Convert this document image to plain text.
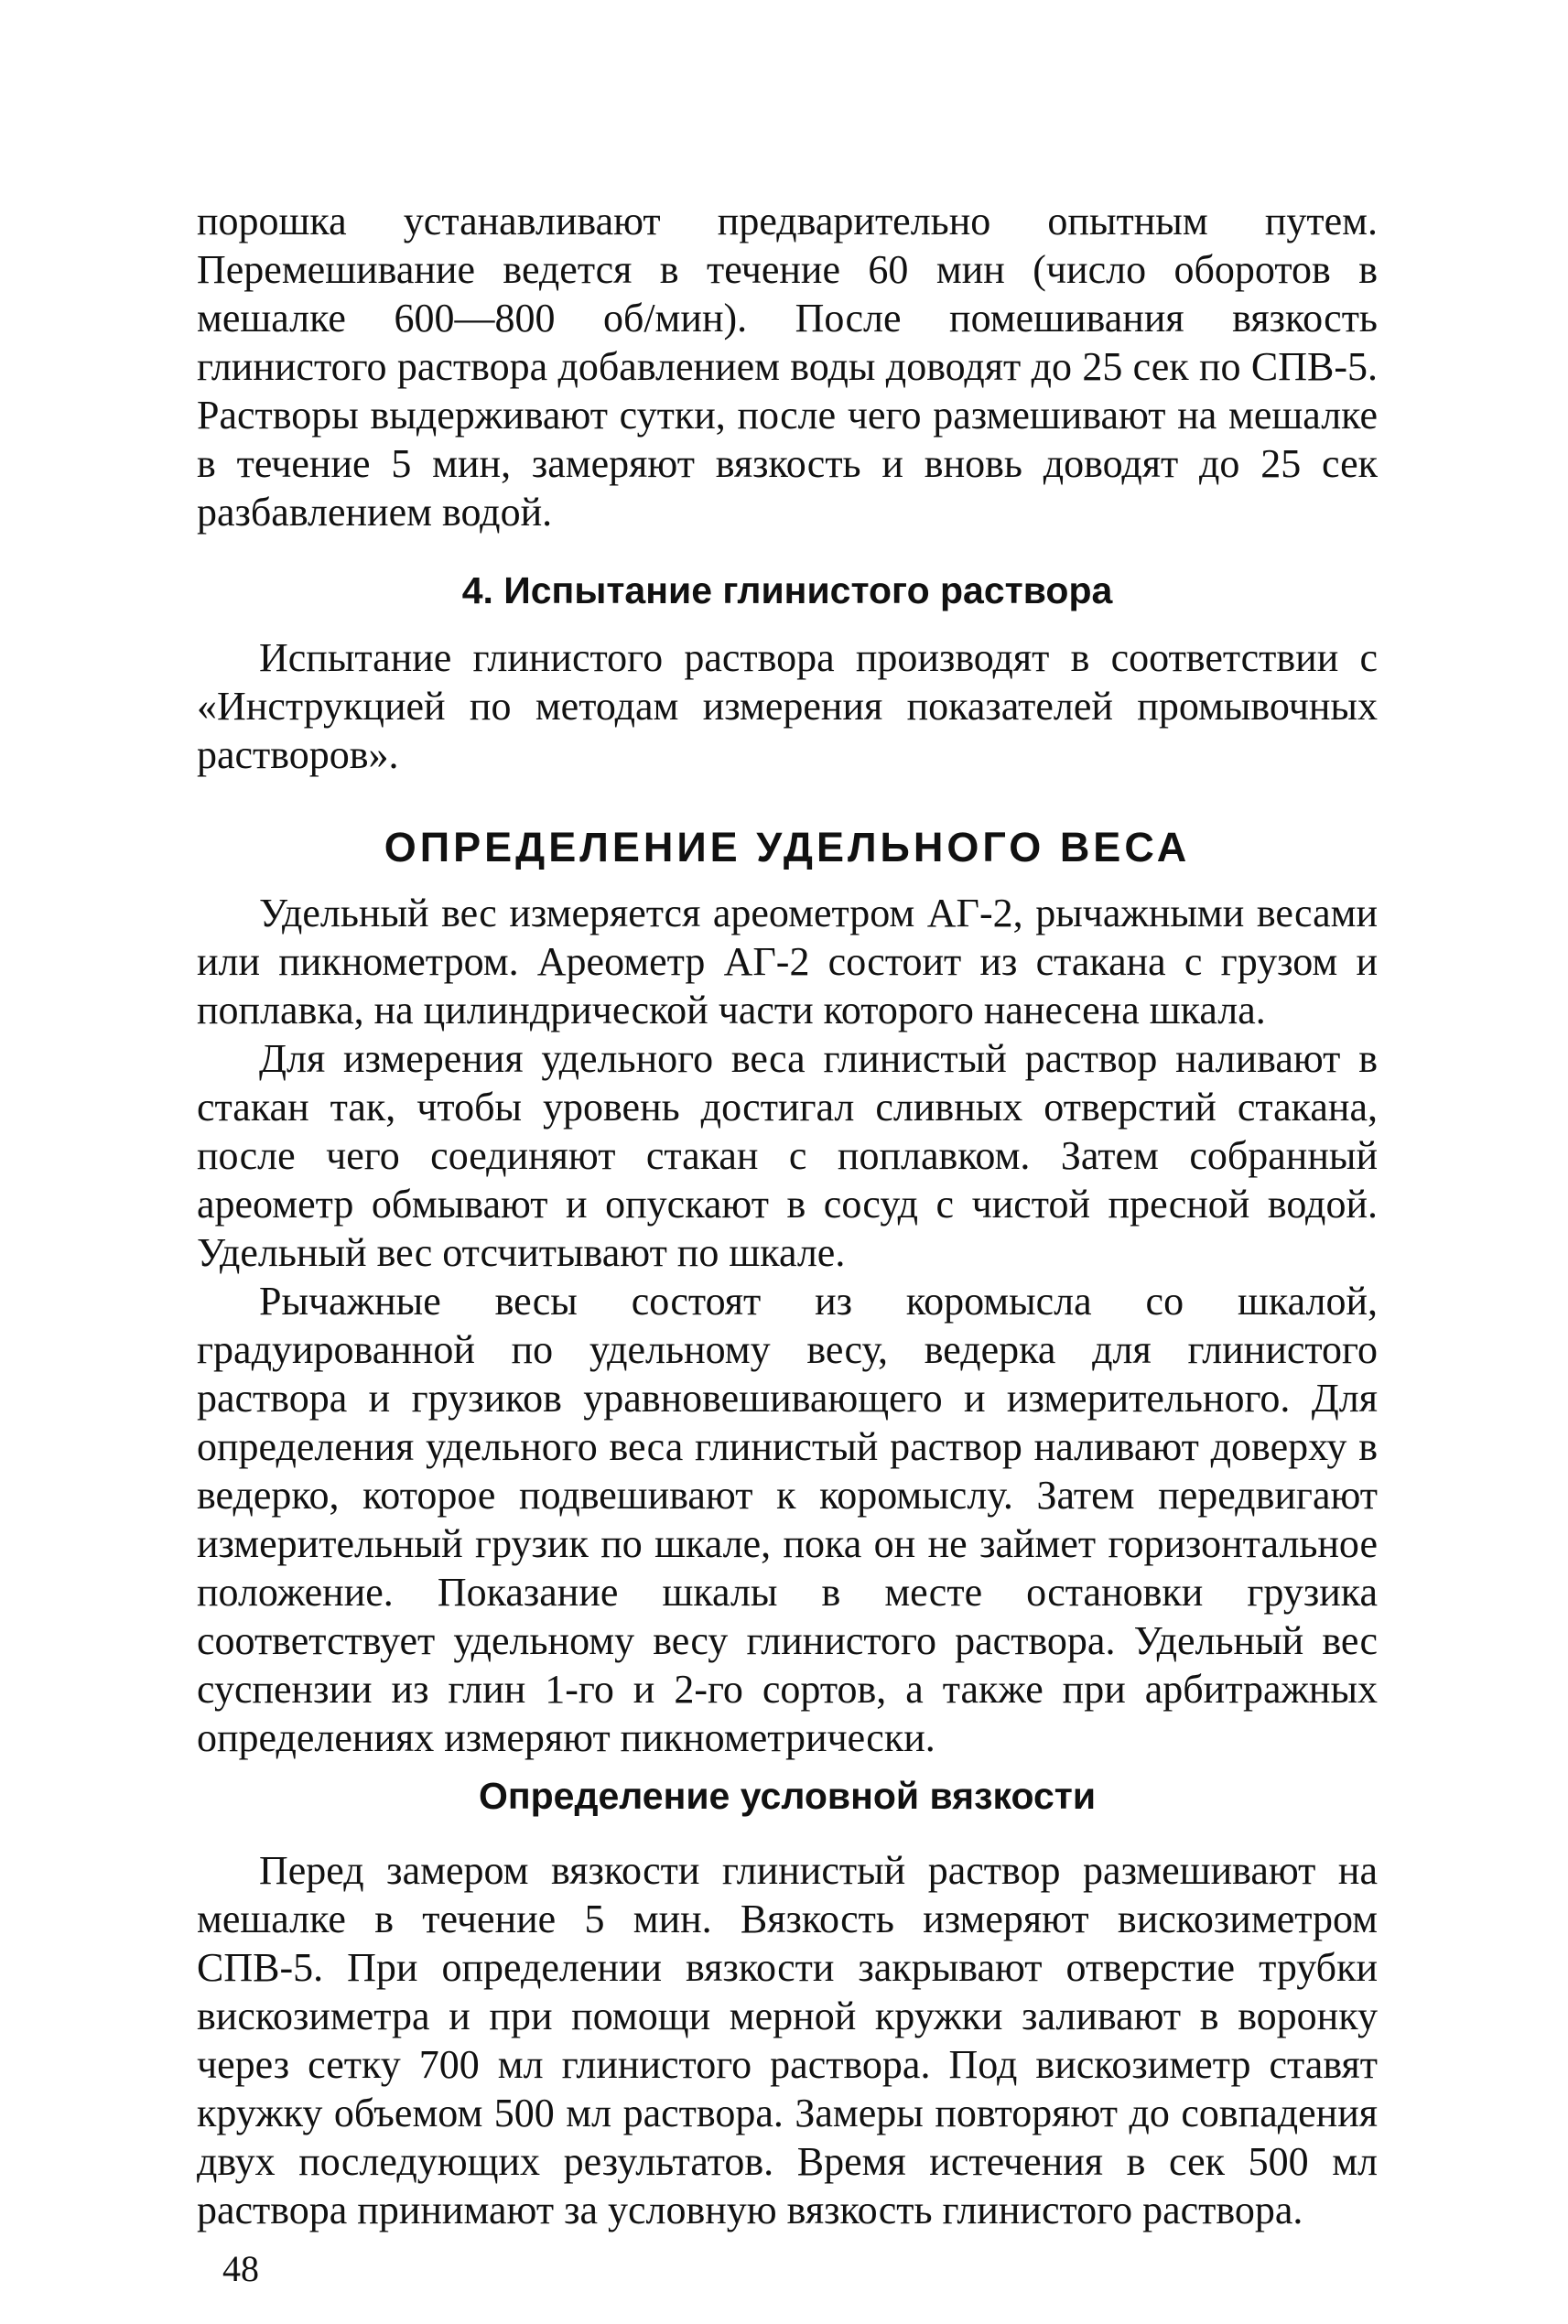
порошка устанавливают предварительно опытным путем. Перемешивание ведется в течение 60 мин (число оборотов в мешалке 600—800 об/мин). После помешивания вязкость глинистого раствора добавлением воды доводят до 25 сек по СПВ-5. Растворы выдерживают сутки, после чего размешивают на мешалке в течение 5 мин, замеряют вязкость и вновь доводят до 25 сек разбавлением водой.

4. Испытание глинистого раствора

Испытание глинистого раствора производят в соответствии с «Инструкцией по методам измерения показателей промывочных растворов».

ОПРЕДЕЛЕНИЕ УДЕЛЬНОГО ВЕСА

Удельный вес измеряется ареометром АГ-2, рычажными весами или пикнометром. Ареометр АГ-2 состоит из стакана с грузом и поплавка, на цилиндрической части которого нанесена шкала.

Для измерения удельного веса глинистый раствор наливают в стакан так, чтобы уровень достигал сливных отверстий стакана, после чего соединяют стакан с поплавком. Затем собранный ареометр обмывают и опускают в сосуд с чистой пресной водой. Удельный вес отсчитывают по шкале.

Рычажные весы состоят из коромысла со шкалой, градуированной по удельному весу, ведерка для глинистого раствора и грузиков уравновешивающего и измерительного. Для определения удельного веса глинистый раствор наливают доверху в ведерко, которое подвешивают к коромыслу. Затем передвигают измерительный грузик по шкале, пока он не займет горизонтальное положение. Показание шкалы в месте остановки грузика соответствует удельному весу глинистого раствора. Удельный вес суспензии из глин 1-го и 2-го сортов, а также при арбитражных определениях измеряют пикнометрически.

Определение условной вязкости

Перед замером вязкости глинистый раствор размешивают на мешалке в течение 5 мин. Вязкость измеряют вискозиметром СПВ-5. При определении вязкости закрывают отверстие трубки вискозиметра и при помощи мерной кружки заливают в воронку через сетку 700 мл глинистого раствора. Под вискозиметр ставят кружку объемом 500 мл раствора. Замеры повторяют до совпадения двух последующих результатов. Время истечения в сек 500 мл раствора принимают за условную вязкость глинистого раствора.

48
